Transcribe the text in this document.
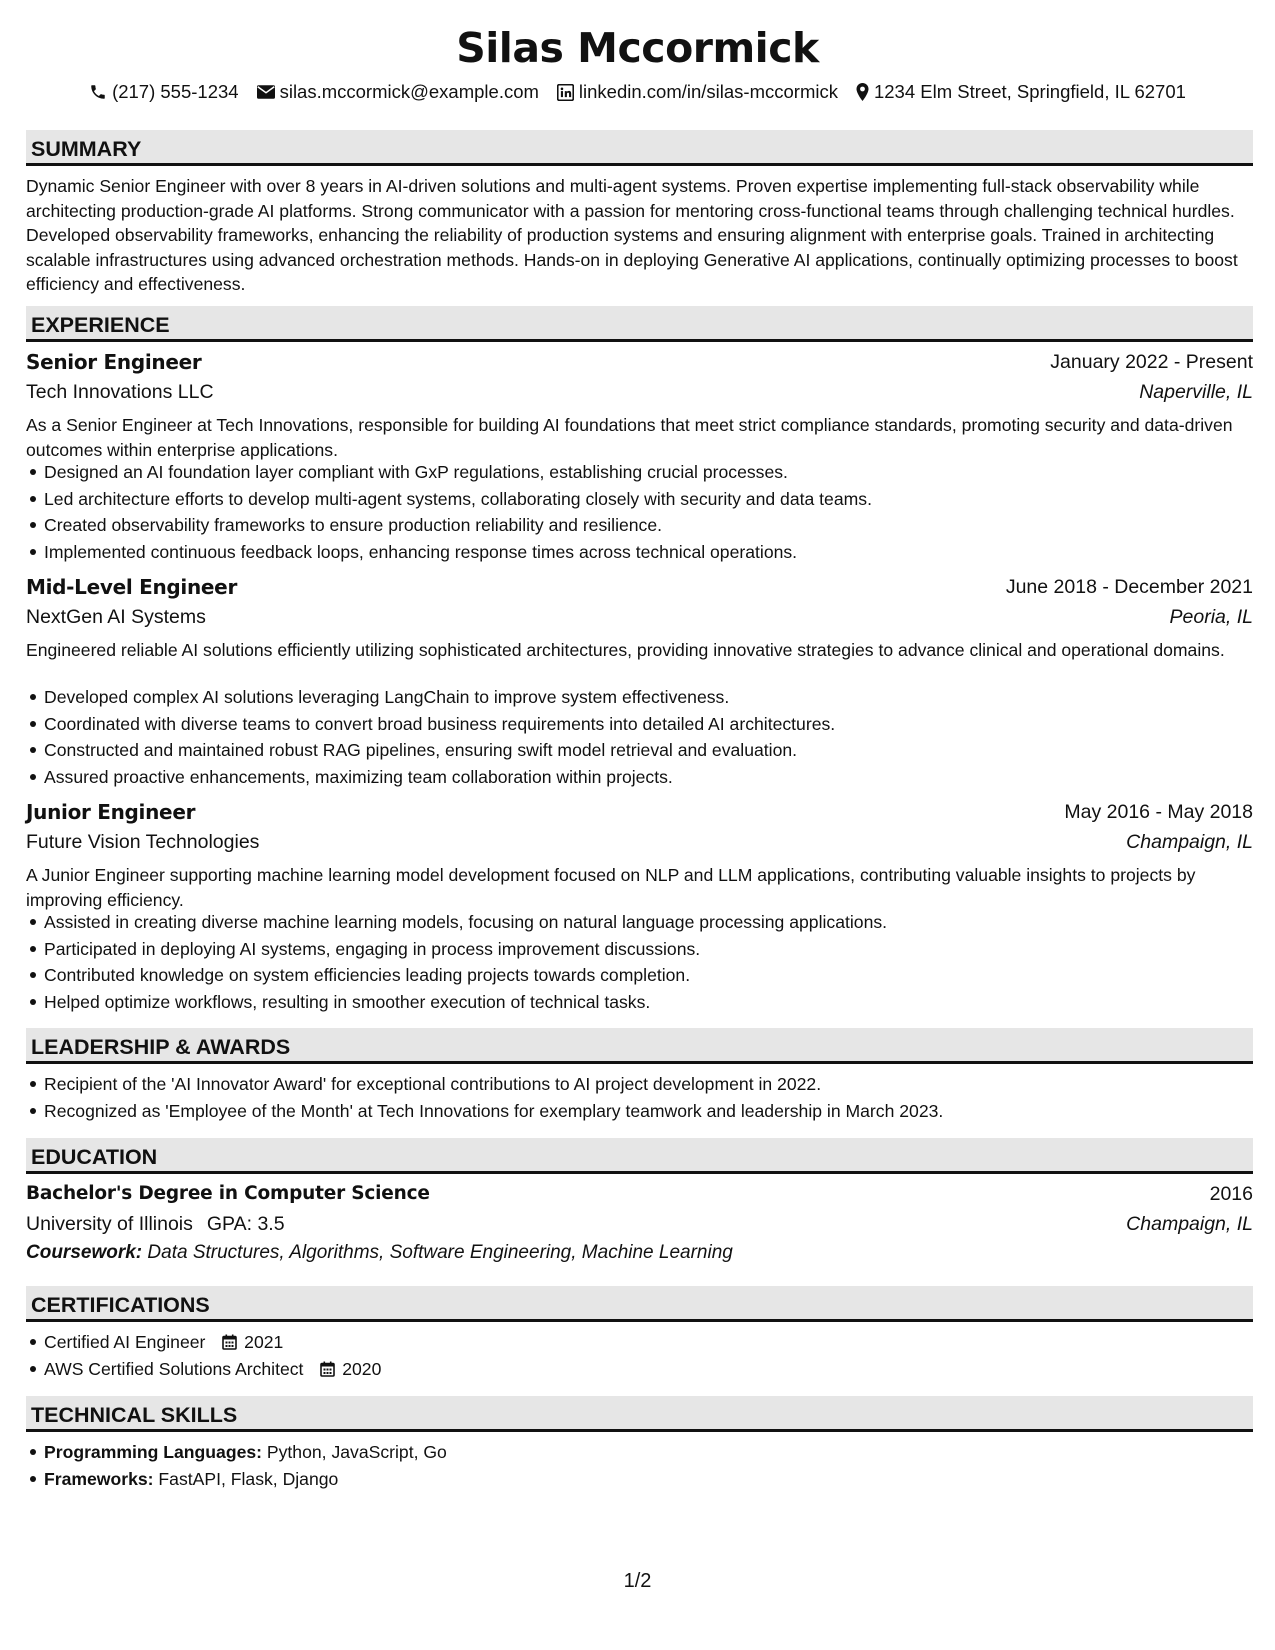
Silas Mccormick
(217) 555-1234 silas.mccormick@example.com linkedin.com/in/silas-mccormick 1234 Elm Street, Springfield, IL 62701
SUMMARY
Dynamic Senior Engineer with over 8 years in AI-driven solutions and multi-agent systems. Proven expertise implementing full-stack observability while architecting production-grade AI platforms. Strong communicator with a passion for mentoring cross-functional teams through challenging technical hurdles. Developed observability frameworks, enhancing the reliability of production systems and ensuring alignment with enterprise goals. Trained in architecting scalable infrastructures using advanced orchestration methods. Hands-on in deploying Generative AI applications, continually optimizing processes to boost efficiency and effectiveness.
EXPERIENCE
Senior Engineer	January 2022 - Present
Tech Innovations LLC	Naperville, IL
As a Senior Engineer at Tech Innovations, responsible for building AI foundations that meet strict compliance standards, promoting security and data-driven outcomes within enterprise applications.
Designed an AI foundation layer compliant with GxP regulations, establishing crucial processes.
Led architecture efforts to develop multi-agent systems, collaborating closely with security and data teams.
Created observability frameworks to ensure production reliability and resilience.
Implemented continuous feedback loops, enhancing response times across technical operations.
Mid-Level Engineer	June 2018 - December 2021
NextGen AI Systems	Peoria, IL
Engineered reliable AI solutions efficiently utilizing sophisticated architectures, providing innovative strategies to advance clinical and operational domains.
Developed complex AI solutions leveraging LangChain to improve system effectiveness.
Coordinated with diverse teams to convert broad business requirements into detailed AI architectures.
Constructed and maintained robust RAG pipelines, ensuring swift model retrieval and evaluation.
Assured proactive enhancements, maximizing team collaboration within projects.
Junior Engineer	May 2016 - May 2018
Future Vision Technologies	Champaign, IL
A Junior Engineer supporting machine learning model development focused on NLP and LLM applications, contributing valuable insights to projects by improving efficiency.
Assisted in creating diverse machine learning models, focusing on natural language processing applications.
Participated in deploying AI systems, engaging in process improvement discussions.
Contributed knowledge on system efficiencies leading projects towards completion.
Helped optimize workflows, resulting in smoother execution of technical tasks.
LEADERSHIP & AWARDS
Recipient of the 'AI Innovator Award' for exceptional contributions to AI project development in 2022.
Recognized as 'Employee of the Month' at Tech Innovations for exemplary teamwork and leadership in March 2023.
EDUCATION
Bachelor's Degree in Computer Science	2016
University of Illinois GPA: 3.5	Champaign, IL
Coursework: Data Structures, Algorithms, Software Engineering, Machine Learning
CERTIFICATIONS
Certified AI Engineer 2021
AWS Certified Solutions Architect 2020
TECHNICAL SKILLS
Programming Languages: Python, JavaScript, Go
Frameworks: FastAPI, Flask, Django
1/2
